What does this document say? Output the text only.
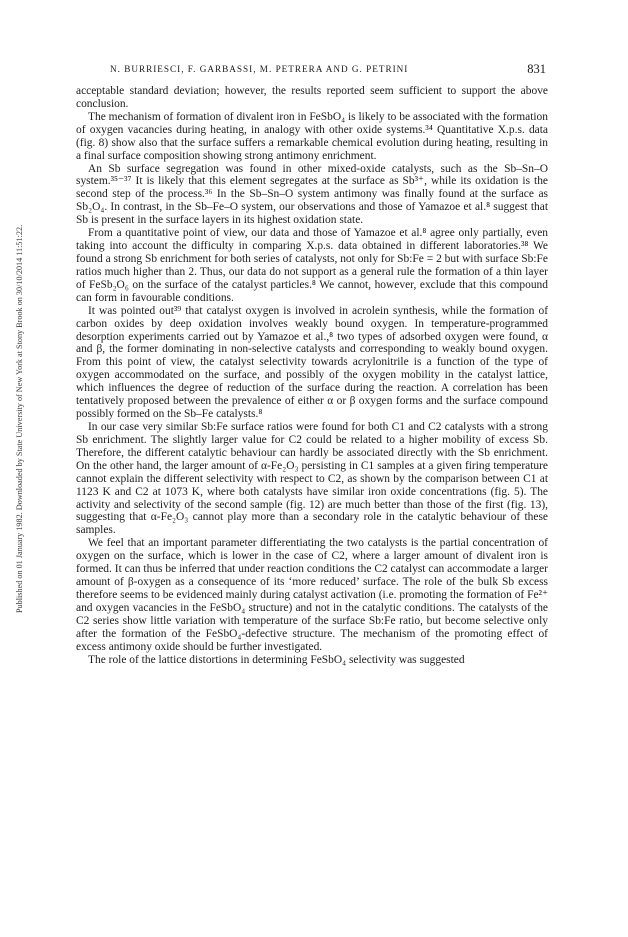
Published on 01 January 1982. Downloaded by State University of New York at Stony Brook on 30/10/2014 11:51:22.
N. BURRIESCI, F. GARBASSI, M. PETRERA AND G. PETRINI	831

acceptable standard deviation; however, the results reported seem sufficient to support the above conclusion.

The mechanism of formation of divalent iron in FeSbO₄ is likely to be associated with the formation of oxygen vacancies during heating, in analogy with other oxide systems.³⁴ Quantitative X.p.s. data (fig. 8) show also that the surface suffers a remarkable chemical evolution during heating, resulting in a final surface composition showing strong antimony enrichment.

An Sb surface segregation was found in other mixed-oxide catalysts, such as the Sb–Sn–O system.³⁵⁻³⁷ It is likely that this element segregates at the surface as Sb³⁺, while its oxidation is the second step of the process.³⁶ In the Sb–Sn–O system antimony was finally found at the surface as Sb₂O₄. In contrast, in the Sb–Fe–O system, our observations and those of Yamazoe et al.⁸ suggest that Sb is present in the surface layers in its highest oxidation state.

From a quantitative point of view, our data and those of Yamazoe et al.⁸ agree only partially, even taking into account the difficulty in comparing X.p.s. data obtained in different laboratories.³⁸ We found a strong Sb enrichment for both series of catalysts, not only for Sb:Fe = 2 but with surface Sb:Fe ratios much higher than 2. Thus, our data do not support as a general rule the formation of a thin layer of FeSb₂O₆ on the surface of the catalyst particles.⁸ We cannot, however, exclude that this compound can form in favourable conditions.

It was pointed out³⁹ that catalyst oxygen is involved in acrolein synthesis, while the formation of carbon oxides by deep oxidation involves weakly bound oxygen. In temperature-programmed desorption experiments carried out by Yamazoe et al.,⁸ two types of adsorbed oxygen were found, α and β, the former dominating in non-selective catalysts and corresponding to weakly bound oxygen. From this point of view, the catalyst selectivity towards acrylonitrile is a function of the type of oxygen accommodated on the surface, and possibly of the oxygen mobility in the catalyst lattice, which influences the degree of reduction of the surface during the reaction. A correlation has been tentatively proposed between the prevalence of either α or β oxygen forms and the surface compound possibly formed on the Sb–Fe catalysts.⁸

In our case very similar Sb:Fe surface ratios were found for both C1 and C2 catalysts with a strong Sb enrichment. The slightly larger value for C2 could be related to a higher mobility of excess Sb. Therefore, the different catalytic behaviour can hardly be associated directly with the Sb enrichment. On the other hand, the larger amount of α-Fe₂O₃ persisting in C1 samples at a given firing temperature cannot explain the different selectivity with respect to C2, as shown by the comparison between C1 at 1123 K and C2 at 1073 K, where both catalysts have similar iron oxide concentrations (fig. 5). The activity and selectivity of the second sample (fig. 12) are much better than those of the first (fig. 13), suggesting that α-Fe₂O₃ cannot play more than a secondary role in the catalytic behaviour of these samples.

We feel that an important parameter differentiating the two catalysts is the partial concentration of oxygen on the surface, which is lower in the case of C2, where a larger amount of divalent iron is formed. It can thus be inferred that under reaction conditions the C2 catalyst can accommodate a larger amount of β-oxygen as a consequence of its ‘more reduced’ surface. The role of the bulk Sb excess therefore seems to be evidenced mainly during catalyst activation (i.e. promoting the formation of Fe²⁺ and oxygen vacancies in the FeSbO₄ structure) and not in the catalytic conditions. The catalysts of the C2 series show little variation with temperature of the surface Sb:Fe ratio, but become selective only after the formation of the FeSbO₄-defective structure. The mechanism of the promoting effect of excess antimony oxide should be further investigated.

The role of the lattice distortions in determining FeSbO₄ selectivity was suggested
